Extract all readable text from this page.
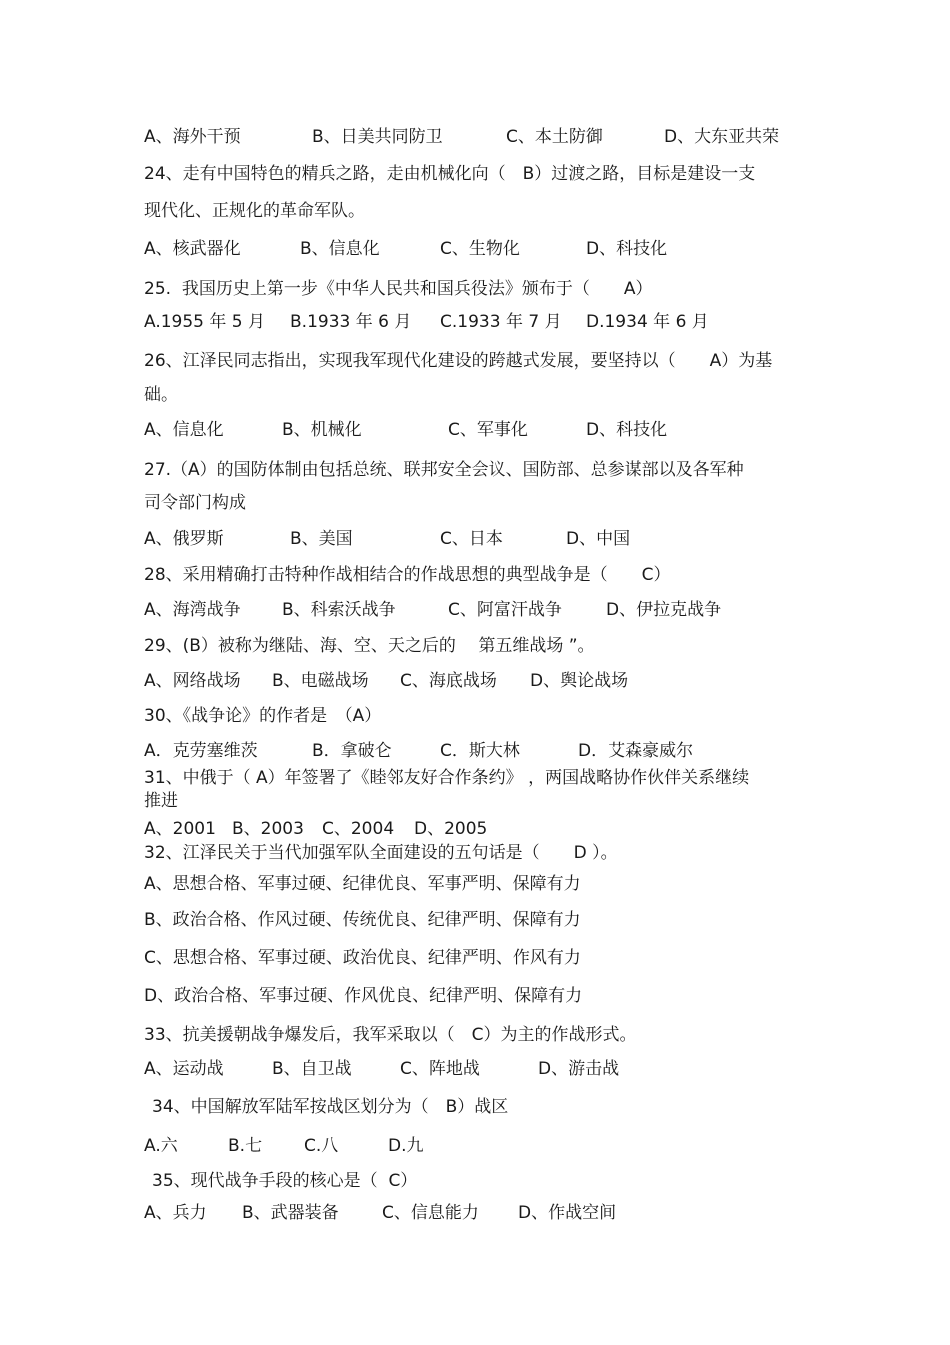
A、海外干预	B、日美共同防卫	C、本土防御	D、大东亚共荣
24、走有中国特色的精兵之路，走由机械化向（　B）过渡之路，目标是建设一支
现代化、正规化的革命军队。
A、核武器化	B、信息化	C、生物化	D、科技化
25.  我国历史上第一步《中华人民共和国兵役法》颁布于（　　A）
A.1955 年 5 月 B.1933 年 6 月 C.1933 年 7 月 D.1934 年 6 月
26、江泽民同志指出，实现我军现代化建设的跨越式发展，要坚持以（　　A）为基
础。
A、信息化	B、机械化	C、军事化	D、科技化
27.（A）的国防体制由包括总统、联邦安全会议、国防部、总参谋部以及各军种
司令部门构成
A、俄罗斯	B、美国	C、日本	D、中国
28、采用精确打击特种作战相结合的作战思想的典型战争是（　　C）
A、海湾战争 B、科索沃战争	C、阿富汗战争	D、伊拉克战争
29、(B）被称为继陆、海、空、天之后的　 第五维战场 ”。
A、网络战场 B、电磁战场 C、海底战场 D、舆论战场
30、《战争论》的作者是　（A）
A．克劳塞维茨	B．拿破仑	C．斯大林	D．艾森豪威尔
31、中俄于（ A）年签署了《睦邻友好合作条约》 ，两国战略协作伙伴关系继续
推进
A、2001 B、2003 C、2004 D、2005
32、江泽民关于当代加强军队全面建设的五句话是（　　D ）。
A、思想合格、军事过硬、纪律优良、军事严明、保障有力
B、政治合格、作风过硬、传统优良、纪律严明、保障有力
C、思想合格、军事过硬、政治优良、纪律严明、作风有力
D、政治合格、军事过硬、作风优良、纪律严明、保障有力
33、抗美援朝战争爆发后，我军采取以（　C）为主的作战形式。
A、运动战	B、自卫战	C、阵地战	D、游击战
34、中国解放军陆军按战区划分为（　B）战区
A.六	B.七 C.八	D.九
35、现代战争手段的核心是（  C）
A、兵力 B、武器装备	C、信息能力 D、作战空间
